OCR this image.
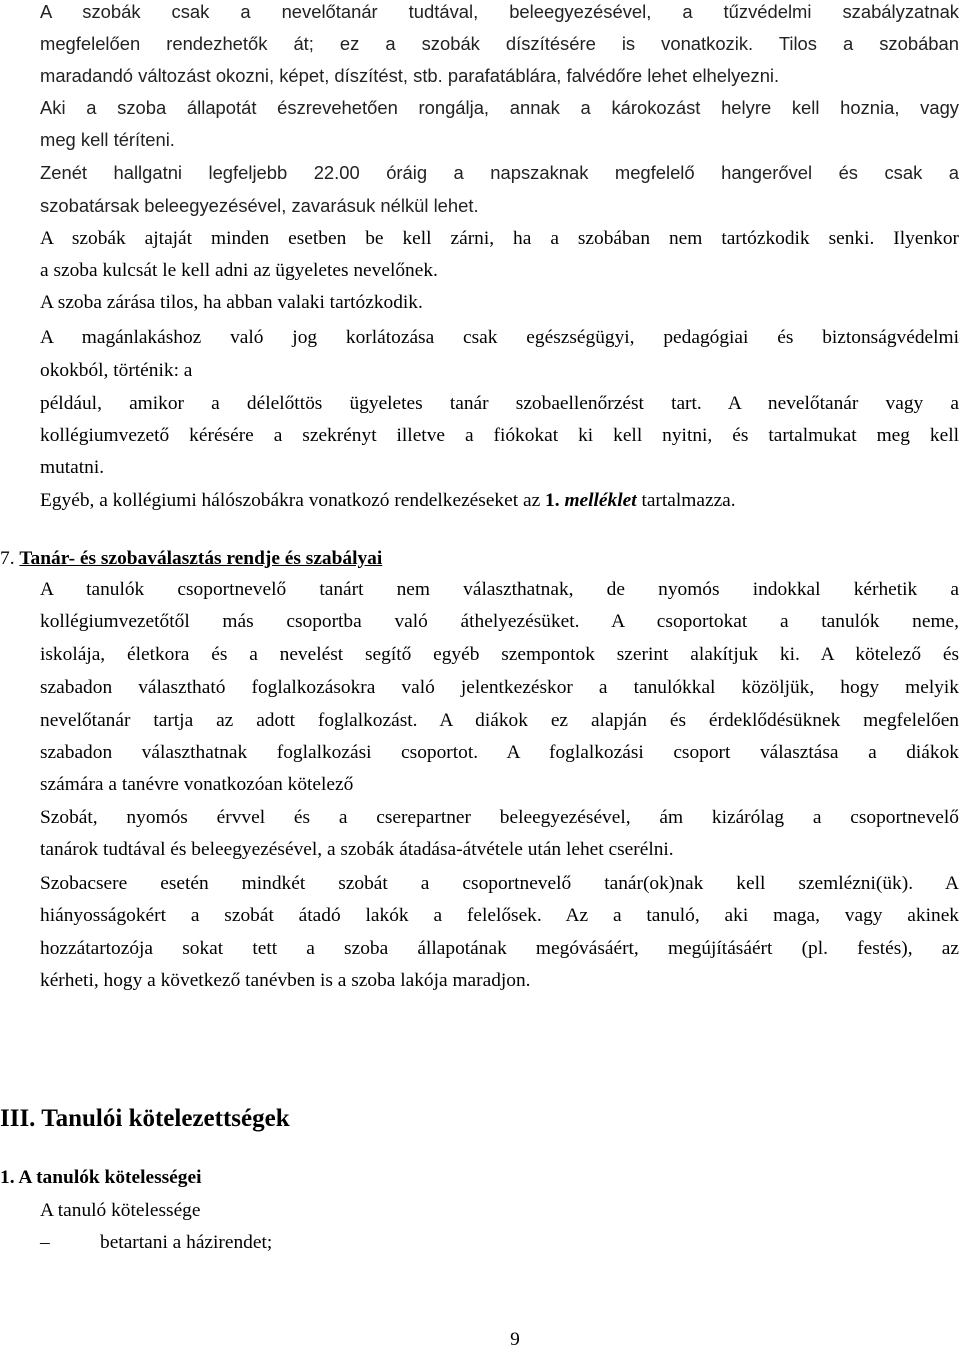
A szobák csak a nevelőtanár tudtával, beleegyezésével, a tűzvédelmi szabályzatnak
megfelelően rendezhetők át; ez a szobák díszítésére is vonatkozik. Tilos a szobában
maradandó változást okozni, képet, díszítést, stb. parafatáblára, falvédőre lehet elhelyezni.
Aki a szoba állapotát észrevehetően rongálja, annak a károkozást helyre kell hoznia, vagy
meg kell téríteni.
Zenét hallgatni legfeljebb 22.00 óráig a napszaknak megfelelő hangerővel és csak a
szobatársak beleegyezésével, zavarásuk nélkül lehet.
A szobák ajtaját minden esetben be kell zárni, ha a szobában nem tartózkodik senki. Ilyenkor
a szoba kulcsát le kell adni az ügyeletes nevelőnek.
A szoba zárása tilos, ha abban valaki tartózkodik.
A magánlakáshoz való jog korlátozása csak egészségügyi, pedagógiai és biztonságvédelmi
okokból, történik: a
például, amikor a délelőttös ügyeletes tanár szobaellenőrzést tart. A nevelőtanár vagy a
kollégiumvezető kérésére a szekrényt illetve a fiókokat ki kell nyitni, és tartalmukat meg kell
mutatni.
Egyéb, a kollégiumi hálószobákra vonatkozó rendelkezéseket az 1. melléklet tartalmazza.
7. Tanár- és szobaválasztás rendje és szabályai
A tanulók csoportnevelő tanárt nem választhatnak, de nyomós indokkal kérhetik a
kollégiumvezetőtől más csoportba való áthelyezésüket. A csoportokat a tanulók neme,
iskolája, életkora és a nevelést segítő egyéb szempontok szerint alakítjuk ki. A kötelező és
szabadon választható foglalkozásokra való jelentkezéskor a tanulókkal közöljük, hogy melyik
nevelőtanár tartja az adott foglalkozást. A diákok ez alapján és érdeklődésüknek megfelelően
szabadon választhatnak foglalkozási csoportot. A foglalkozási csoport választása a diákok
számára a tanévre vonatkozóan kötelező
Szobát, nyomós érvvel és a cserepartner beleegyezésével, ám kizárólag a csoportnevelő
tanárok tudtával és beleegyezésével, a szobák átadása-átvétele után lehet cserélni.
Szobacsere esetén mindkét szobát a csoportnevelő tanár(ok)nak kell szemlézni(ük). A
hiányosságokért a szobát átadó lakók a felelősek. Az a tanuló, aki maga, vagy akinek
hozzátartozója sokat tett a szoba állapotának megóvásáért, megújításáért (pl. festés), az
kérheti, hogy a következő tanévben is a szoba lakója maradjon.
III. Tanulói kötelezettségek
1. A tanulók kötelességei
A tanuló kötelessége
–	betartani a házirendet;
9
